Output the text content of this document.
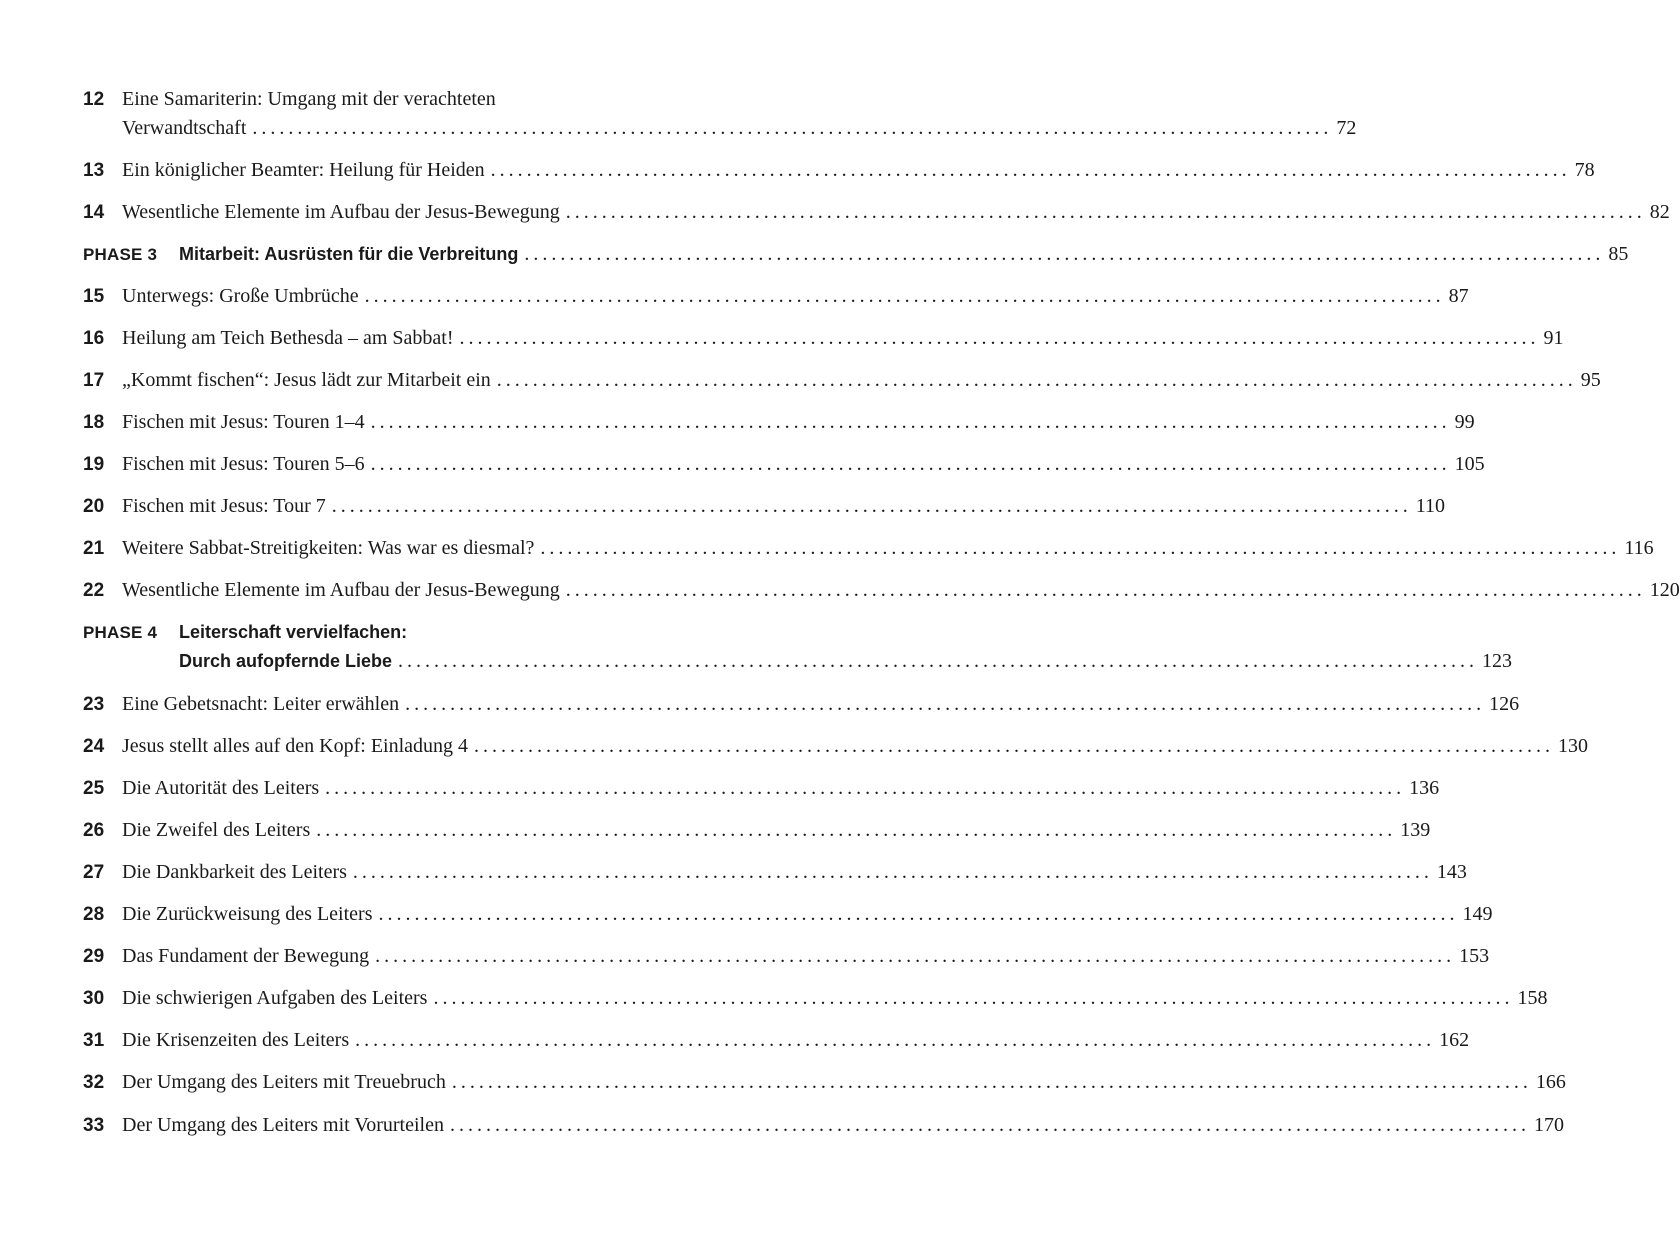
12 Eine Samariterin: Umgang mit der verachteten
Verwandtschaft ........................................................................................................................ 72
13 Ein königlicher Beamter: Heilung für Heiden ........................................................................................................................ 78
14 Wesentliche Elemente im Aufbau der Jesus-Bewegung ........................................................................................................................ 82
PHASE 3 Mitarbeit: Ausrüsten für die Verbreitung ........................................................................................................................ 85
15 Unterwegs: Große Umbrüche ........................................................................................................................ 87
16 Heilung am Teich Bethesda – am Sabbat! ........................................................................................................................ 91
17 „Kommt fischen“: Jesus lädt zur Mitarbeit ein ........................................................................................................................ 95
18 Fischen mit Jesus: Touren 1–4 ........................................................................................................................ 99
19 Fischen mit Jesus: Touren 5–6 ........................................................................................................................ 105
20 Fischen mit Jesus: Tour 7 ........................................................................................................................ 110
21 Weitere Sabbat-Streitigkeiten: Was war es diesmal? ........................................................................................................................ 116
22 Wesentliche Elemente im Aufbau der Jesus-Bewegung ........................................................................................................................ 120
PHASE 4 Leiterschaft vervielfachen:
Durch aufopfernde Liebe ........................................................................................................................ 123
23 Eine Gebetsnacht: Leiter erwählen ........................................................................................................................ 126
24 Jesus stellt alles auf den Kopf: Einladung 4 ........................................................................................................................ 130
25 Die Autorität des Leiters ........................................................................................................................ 136
26 Die Zweifel des Leiters ........................................................................................................................ 139
27 Die Dankbarkeit des Leiters ........................................................................................................................ 143
28 Die Zurückweisung des Leiters ........................................................................................................................ 149
29 Das Fundament der Bewegung ........................................................................................................................ 153
30 Die schwierigen Aufgaben des Leiters ........................................................................................................................ 158
31 Die Krisenzeiten des Leiters ........................................................................................................................ 162
32 Der Umgang des Leiters mit Treuebruch ........................................................................................................................ 166
33 Der Umgang des Leiters mit Vorurteilen ........................................................................................................................ 170
